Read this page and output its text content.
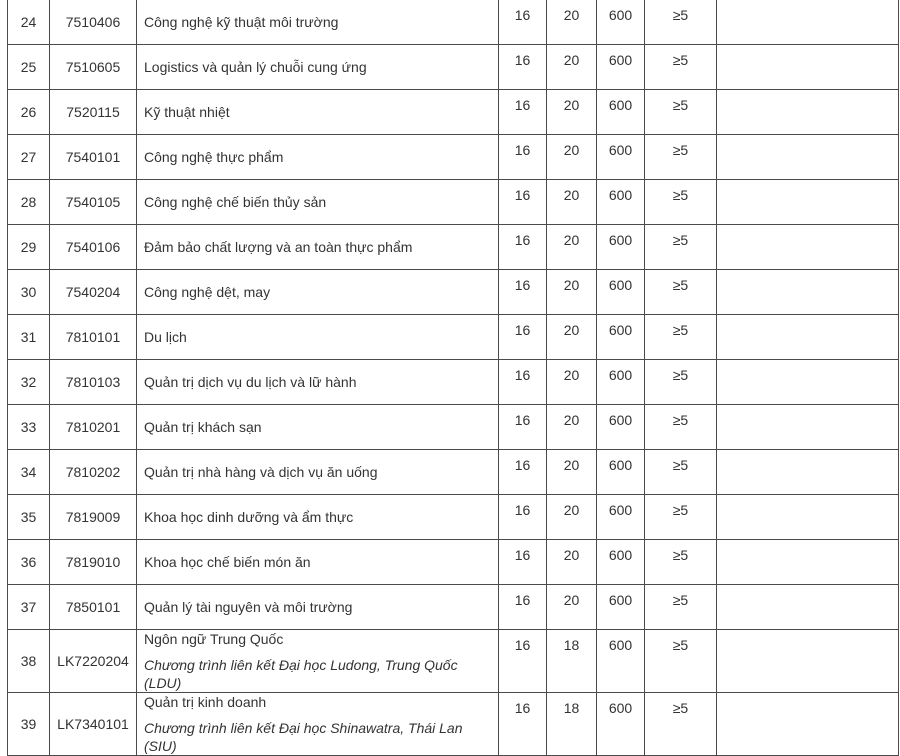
24	7510406	Công nghệ kỹ thuật môi trường	16	20	600	≥5	
25	7510605	Logistics và quản lý chuỗi cung ứng	16	20	600	≥5	
26	7520115	Kỹ thuật nhiệt	16	20	600	≥5	
27	7540101	Công nghệ thực phẩm	16	20	600	≥5	
28	7540105	Công nghệ chế biến thủy sản	16	20	600	≥5	
29	7540106	Đảm bảo chất lượng và an toàn thực phẩm	16	20	600	≥5	
30	7540204	Công nghệ dệt, may	16	20	600	≥5	
31	7810101	Du lịch	16	20	600	≥5	
32	7810103	Quản trị dịch vụ du lịch và lữ hành	16	20	600	≥5	
33	7810201	Quản trị khách sạn	16	20	600	≥5	
34	7810202	Quản trị nhà hàng và dịch vụ ăn uống	16	20	600	≥5	
35	7819009	Khoa học dinh dưỡng và ẩm thực	16	20	600	≥5	
36	7819010	Khoa học chế biến món ăn	16	20	600	≥5	
37	7850101	Quản lý tài nguyên và môi trường	16	20	600	≥5	
38	LK7220204	Ngôn ngữ Trung Quốc
Chương trình liên kết Đại học Ludong, Trung Quốc (LDU)	16	18	600	≥5	
39	LK7340101	Quản trị kinh doanh
Chương trình liên kết Đại học Shinawatra, Thái Lan (SIU)	16	18	600	≥5	
